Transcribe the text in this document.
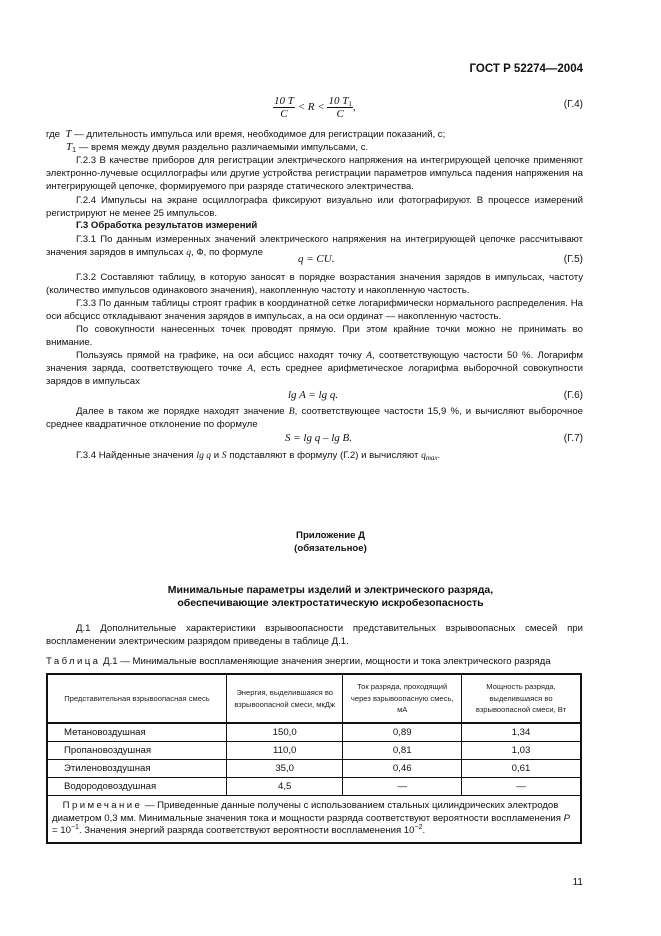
ГОСТ Р 52274—2004
$\frac{10 T}{C} < R < \frac{10 T_1}{C}$ ,	(Г.4)
где T — длительность импульса или время, необходимое для регистрации показаний, с;
$T_1$ — время между двумя раздельно различаемыми импульсами, с.
Г.2.3 В качестве приборов для регистрации электрического напряжения на интегрирующей цепочке применяют электронно-лучевые осциллографы или другие устройства регистрации параметров импульса падения напряжения на интегрирующей цепочке, формируемого при разряде статического электричества.
Г.2.4 Импульсы на экране осциллографа фиксируют визуально или фотографируют. В процессе измерений регистрируют не менее 25 импульсов.
Г.3 Обработка результатов измерений
Г.3.1 По данным измеренных значений электрического напряжения на интегрирующей цепочке рассчитывают значения зарядов в импульсах q, Ф, по формуле
q = CU.	(Г.5)
Г.3.2 Составляют таблицу, в которую заносят в порядке возрастания значения зарядов в импульсах, частоту (количество импульсов одинакового значения), накопленную частоту и накопленную частость.
Г.3.3 По данным таблицы строят график в координатной сетке логарифмически нормального распределения. На оси абсцисс откладывают значения зарядов в импульсах, а на оси ординат — накопленную частость.
По совокупности нанесенных точек проводят прямую. При этом крайние точки можно не принимать во внимание.
Пользуясь прямой на графике, на оси абсцисс находят точку A, соответствующую частости 50 %. Логарифм значения заряда, соответствующего точке A, есть среднее арифметическое логарифма выборочной совокупности зарядов в импульсах
lg A = lg q.	(Г.6)
Далее в таком же порядке находят значение B, соответствующее частости 15,9 %, и вычисляют выборочное среднее квадратичное отклонение по формуле
S = lg q – lg B.	(Г.7)
Г.3.4 Найденные значения lg q и S подставляют в формулу (Г.2) и вычисляют $q_{max}$.
Приложение Д
(обязательное)
Минимальные параметры изделий и электрического разряда,
обеспечивающие электростатическую искробезопасность
Д.1 Дополнительные характеристики взрывоопасности представительных взрывоопасных смесей при воспламенении электрическим разрядом приведены в таблице Д.1.
Таблица Д.1 — Минимальные воспламеняющие значения энергии, мощности и тока электрического разряда
Представительная взрывоопасная смесь	Энергия, выделившаяся во взрывоопасной смеси, мкДж	Ток разряда, проходящий через взрывоопасную смесь, мА	Мощность разряда, выделившаяся во взрывоопасной смеси, Вт
Метановоздушная	150,0	0,89	1,34
Пропановоздушная	110,0	0,81	1,03
Этиленовоздушная	35,0	0,46	0,61
Водородовоздушная	4,5	—	—
Примечание — Приведенные данные получены с использованием стальных цилиндрических электродов диаметром 0,3 мм. Минимальные значения тока и мощности разряда соответствуют вероятности воспламенения $P = 10^{-1}$. Значения энергий разряда соответствуют вероятности воспламенения $10^{-2}$.			
11
